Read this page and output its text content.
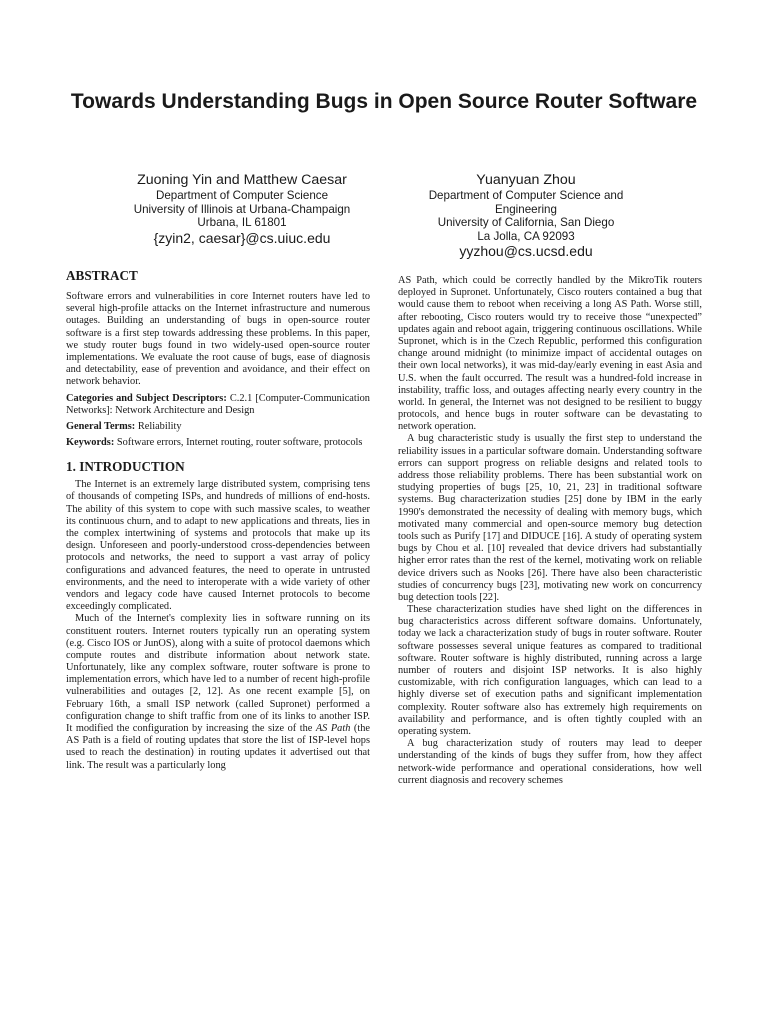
Towards Understanding Bugs in Open Source Router Software
Zuoning Yin and Matthew Caesar
Department of Computer Science
University of Illinois at Urbana-Champaign
Urbana, IL 61801
{zyin2, caesar}@cs.uiuc.edu
Yuanyuan Zhou
Department of Computer Science and
Engineering
University of California, San Diego
La Jolla, CA 92093
yyzhou@cs.ucsd.edu
ABSTRACT

Software errors and vulnerabilities in core Internet routers have led to several high-profile attacks on the Internet infrastructure and numerous outages. Building an understanding of bugs in open-source router software is a first step towards addressing these problems. In this paper, we study router bugs found in two widely-used open-source router implementations. We evaluate the root cause of bugs, ease of diagnosis and detectability, ease of prevention and avoidance, and their effect on network behavior.

Categories and Subject Descriptors: C.2.1 [Computer-Communication Networks]: Network Architecture and Design

General Terms: Reliability

Keywords: Software errors, Internet routing, router software, protocols

1. INTRODUCTION

The Internet is an extremely large distributed system, comprising tens of thousands of competing ISPs, and hundreds of millions of end-hosts. The ability of this system to cope with such massive scales, to weather its continuous churn, and to adapt to new applications and threats, lies in the complex intertwining of systems and protocols that make up its design. Unforeseen and poorly-understood cross-dependencies between protocols and networks, the need to support a vast array of policy configurations and advanced features, the need to operate in untrusted environments, and the need to interoperate with a wide variety of other vendors and legacy code have caused Internet protocols to become exceedingly complicated.

Much of the Internet's complexity lies in software running on its constituent routers. Internet routers typically run an operating system (e.g. Cisco IOS or JunOS), along with a suite of protocol daemons which compute routes and distribute information about network state. Unfortunately, like any complex software, router software is prone to implementation errors, which have led to a number of recent high-profile vulnerabilities and outages [2, 12]. As one recent example [5], on February 16th, a small ISP network (called Supronet) performed a configuration change to shift traffic from one of its links to another ISP. It modified the configuration by increasing the size of the AS Path (the AS Path is a field of routing updates that store the list of ISP-level hops used to reach the destination) in routing updates it advertised out that link. The result was a particularly long

AS Path, which could be correctly handled by the MikroTik routers deployed in Supronet. Unfortunately, Cisco routers contained a bug that would cause them to reboot when receiving a long AS Path. Worse still, after rebooting, Cisco routers would try to receive those “unexpected” updates again and reboot again, triggering continuous oscillations. While Supronet, which is in the Czech Republic, performed this configuration change around midnight (to minimize impact of accidental outages on their own local networks), it was mid-day/early evening in east Asia and U.S. when the fault occurred. The result was a hundred-fold increase in instability, traffic loss, and outages affecting nearly every country in the world. In general, the Internet was not designed to be resilient to buggy protocols, and hence bugs in router software can be devastating to network operation.

A bug characteristic study is usually the first step to understand the reliability issues in a particular software domain. Understanding software errors can support progress on reliable designs and related tools to address those reliability problems. There has been substantial work on studying properties of bugs [25, 10, 21, 23] in traditional software systems. Bug characterization studies [25] done by IBM in the early 1990's demonstrated the necessity of dealing with memory bugs, which motivated many commercial and open-source memory bug detection tools such as Purify [17] and DIDUCE [16]. A study of operating system bugs by Chou et al. [10] revealed that device drivers had substantially higher error rates than the rest of the kernel, motivating work on reliable device drivers such as Nooks [26]. There have also been characteristic studies of concurrency bugs [23], motivating new work on concurrency bug detection tools [22].

These characterization studies have shed light on the differences in bug characteristics across different software domains. Unfortunately, today we lack a characterization study of bugs in router software. Router software possesses several unique features as compared to traditional software. Router software is highly distributed, running across a large number of routers and disjoint ISP networks. It is also highly customizable, with rich configuration languages, which can lead to a highly diverse set of execution paths and significant implementation complexity. Router software also has extremely high requirements on availability and performance, and is often tightly coupled with an operating system.

A bug characterization study of routers may lead to deeper understanding of the kinds of bugs they suffer from, how they affect network-wide performance and operational considerations, how well current diagnosis and recovery schemes
